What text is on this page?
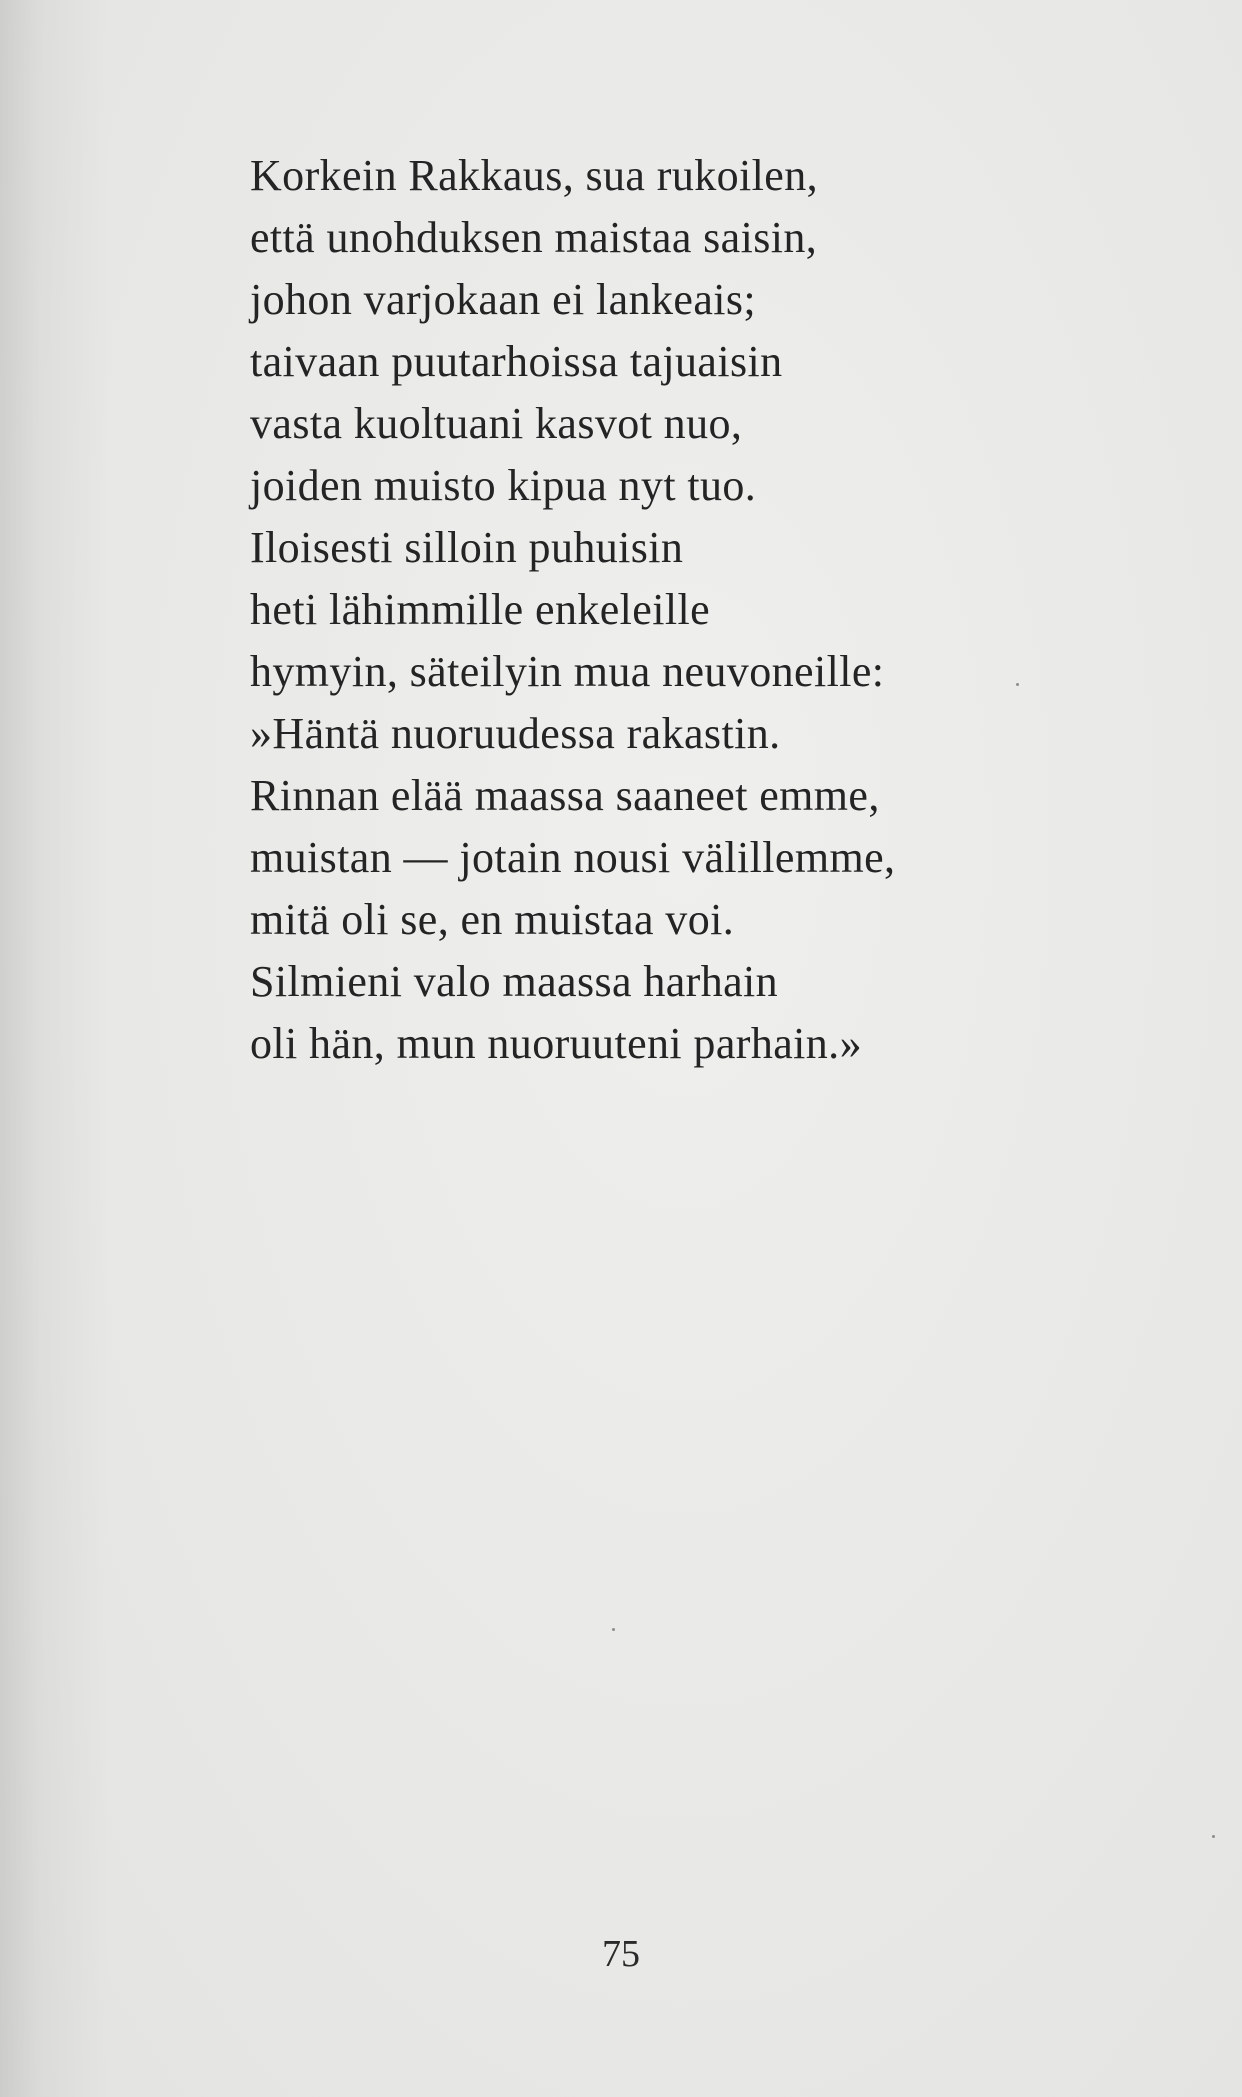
Korkein Rakkaus, sua rukoilen,
että unohduksen maistaa saisin,
johon varjokaan ei lankeais;
taivaan puutarhoissa tajuaisin
vasta kuoltuani kasvot nuo,
joiden muisto kipua nyt tuo.
Iloisesti silloin puhuisin
heti lähimmille enkeleille
hymyin, säteilyin mua neuvoneille:
»Häntä nuoruudessa rakastin.
Rinnan elää maassa saaneet emme,
muistan — jotain nousi välillemme,
mitä oli se, en muistaa voi.
Silmieni valo maassa harhain
oli hän, mun nuoruuteni parhain.»
75
